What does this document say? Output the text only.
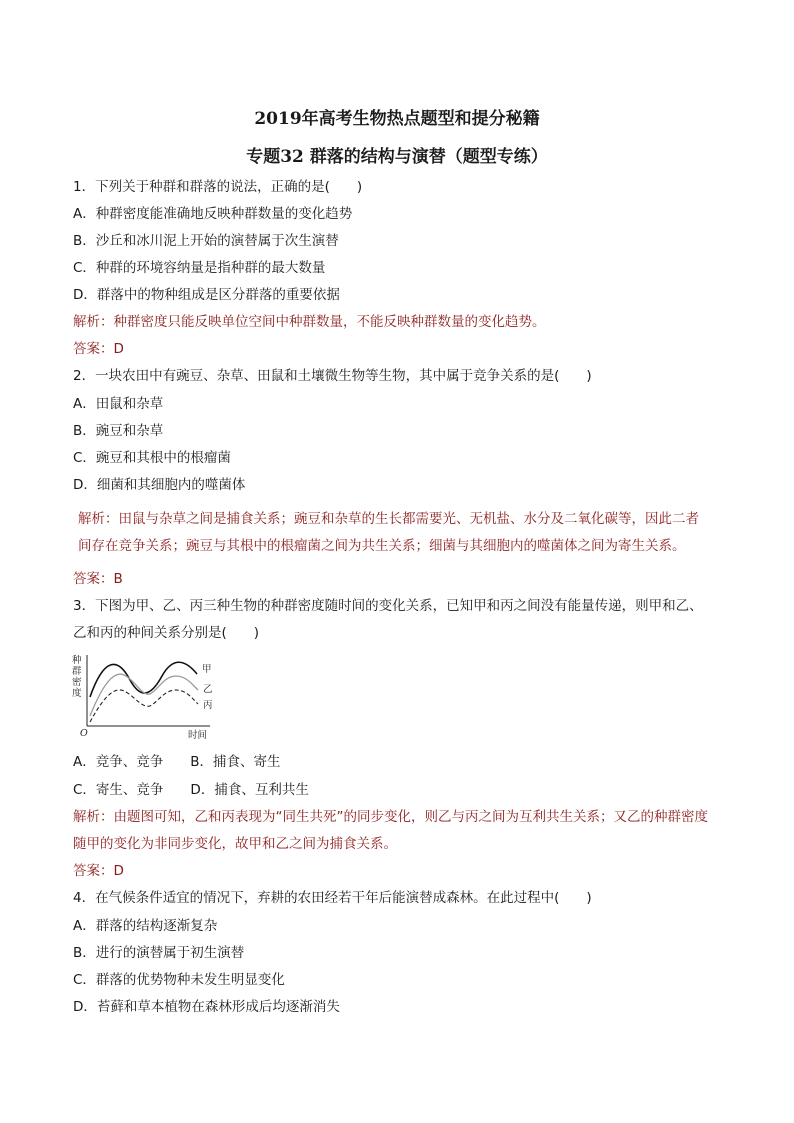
2019年高考生物热点题型和提分秘籍
专题32 群落的结构与演替（题型专练）
1．下列关于种群和群落的说法，正确的是(　　)
A．种群密度能准确地反映种群数量的变化趋势
B．沙丘和冰川泥上开始的演替属于次生演替
C．种群的环境容纳量是指种群的最大数量
D．群落中的物种组成是区分群落的重要依据
解析：种群密度只能反映单位空间中种群数量，不能反映种群数量的变化趋势。
答案：D
2．一块农田中有豌豆、杂草、田鼠和土壤微生物等生物，其中属于竞争关系的是(　　)
A．田鼠和杂草
B．豌豆和杂草
C．豌豆和其根中的根瘤菌
D．细菌和其细胞内的噬菌体
解析：田鼠与杂草之间是捕食关系；豌豆和杂草的生长都需要光、无机盐、水分及二氧化碳等，因此二者
间存在竞争关系；豌豆与其根中的根瘤菌之间为共生关系；细菌与其细胞内的噬菌体之间为寄生关系。
答案：B
3．下图为甲、乙、丙三种生物的种群密度随时间的变化关系，已知甲和丙之间没有能量传递，则甲和乙、
乙和丙的种间关系分别是(　　)
种
群
密
度
O	时间
甲
乙
丙
A．竞争、竞争　　B．捕食、寄生
C．寄生、竞争　　D．捕食、互利共生
解析：由题图可知，乙和丙表现为“同生共死”的同步变化，则乙与丙之间为互利共生关系；又乙的种群密度
随甲的变化为非同步变化，故甲和乙之间为捕食关系。
答案：D
4．在气候条件适宜的情况下，弃耕的农田经若干年后能演替成森林。在此过程中(　　)
A．群落的结构逐渐复杂
B．进行的演替属于初生演替
C．群落的优势物种未发生明显变化
D．苔藓和草本植物在森林形成后均逐渐消失
